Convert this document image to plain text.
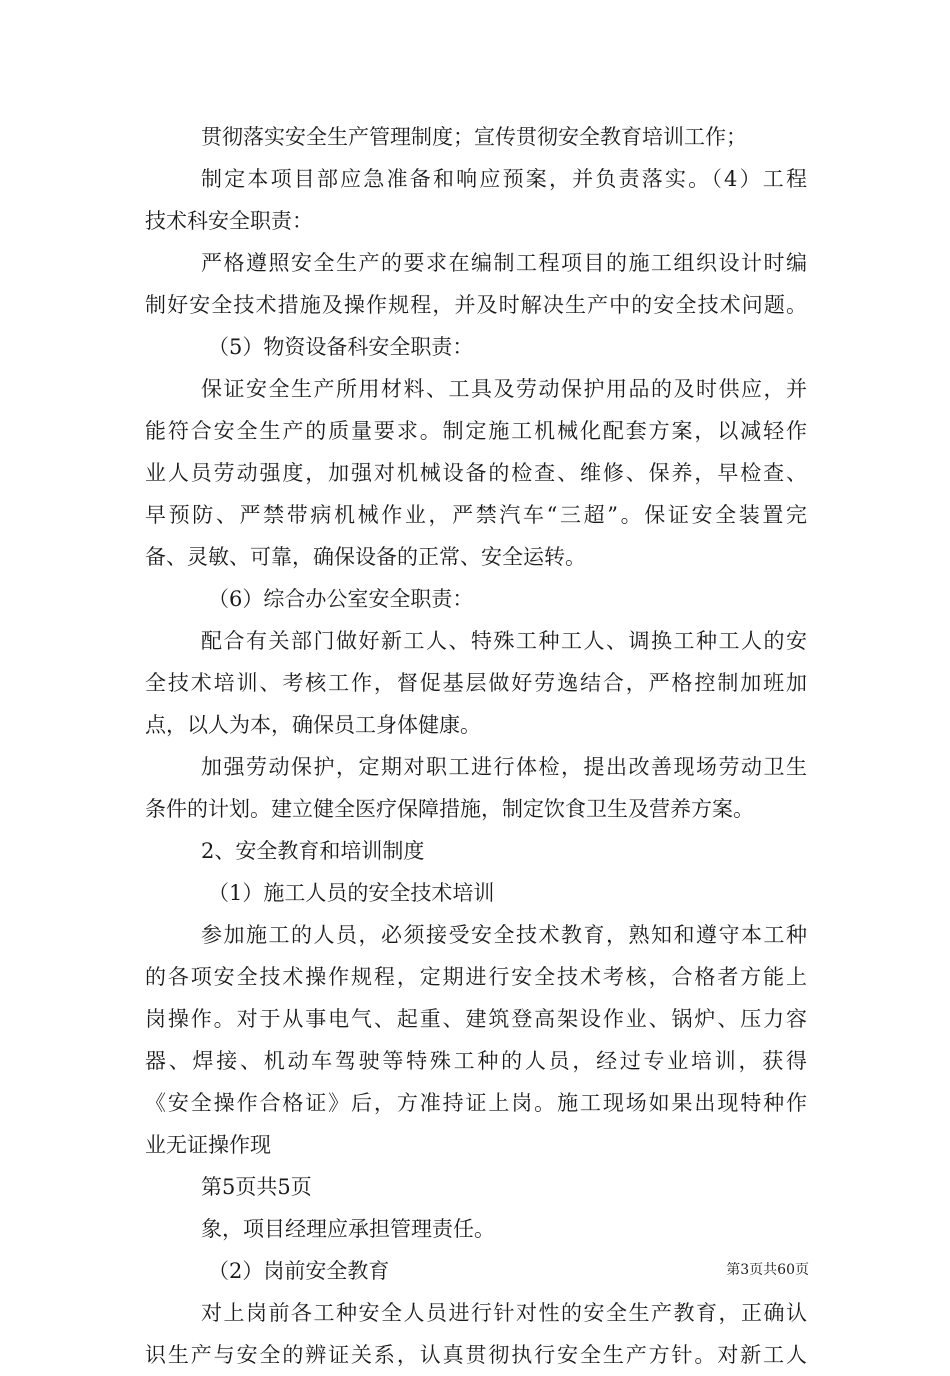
贯彻落实安全生产管理制度；宣传贯彻安全教育培训工作；
制定本项目部应急准备和响应预案，并负责落实。（4）工程
技术科安全职责：
严格遵照安全生产的要求在编制工程项目的施工组织设计时编
制好安全技术措施及操作规程，并及时解决生产中的安全技术问题。
（5）物资设备科安全职责：
保证安全生产所用材料、工具及劳动保护用品的及时供应，并
能符合安全生产的质量要求。制定施工机械化配套方案，以减轻作
业人员劳动强度，加强对机械设备的检查、维修、保养，早检查、
早预防、严禁带病机械作业，严禁汽车“三超”。保证安全装置完
备、灵敏、可靠，确保设备的正常、安全运转。
（6）综合办公室安全职责：
配合有关部门做好新工人、特殊工种工人、调换工种工人的安
全技术培训、考核工作，督促基层做好劳逸结合，严格控制加班加
点，以人为本，确保员工身体健康。
加强劳动保护，定期对职工进行体检，提出改善现场劳动卫生
条件的计划。建立健全医疗保障措施，制定饮食卫生及营养方案。
2、安全教育和培训制度
（1）施工人员的安全技术培训
参加施工的人员，必须接受安全技术教育，熟知和遵守本工种
的各项安全技术操作规程，定期进行安全技术考核，合格者方能上
岗操作。对于从事电气、起重、建筑登高架设作业、锅炉、压力容
器、焊接、机动车驾驶等特殊工种的人员，经过专业培训，获得
《安全操作合格证》后，方准持证上岗。施工现场如果出现特种作
业无证操作现
第5页共5页
象，项目经理应承担管理责任。
（2）岗前安全教育
对上岗前各工种安全人员进行针对性的安全生产教育，正确认
识生产与安全的辨证关系，认真贯彻执行安全生产方针。对新工人
第3页共60页
